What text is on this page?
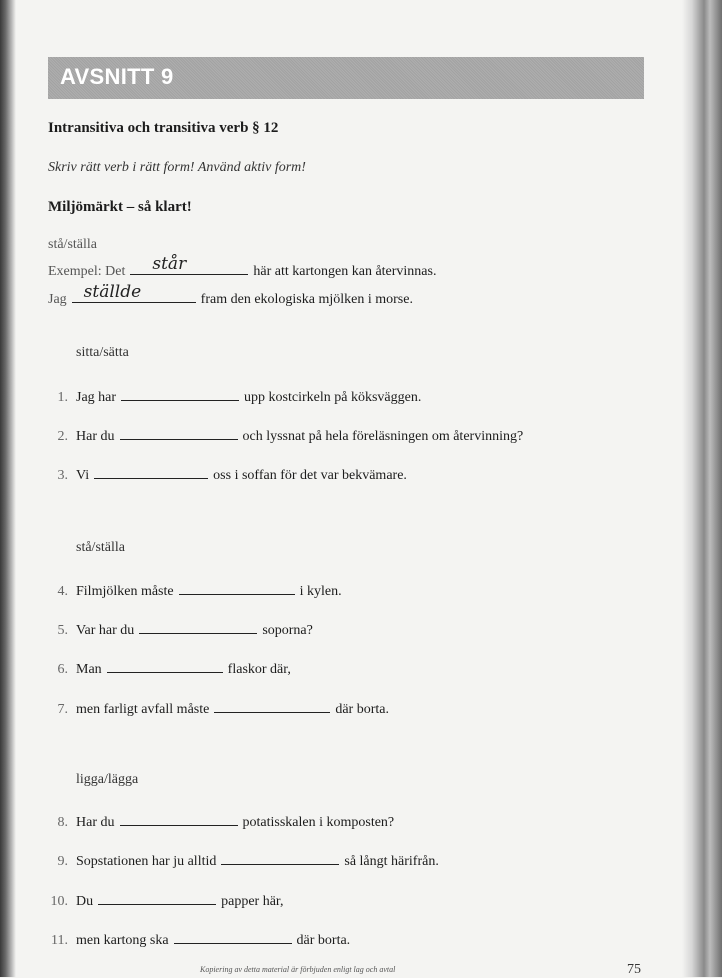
AVSNITT 9
Intransitiva och transitiva verb § 12
Skriv rätt verb i rätt form! Använd aktiv form!
Miljömärkt – så klart!
stå/ställa
Exempel: Det står	här att kartongen kan återvinnas.
Jag ställde	fram den ekologiska mjölken i morse.
sitta/sätta
1. Jag har	upp kostcirkeln på köksväggen.
2. Har du	och lyssnat på hela föreläsningen om återvinning?
3. Vi	oss i soffan för det var bekvämare.
stå/ställa
4. Filmjölken måste	i kylen.
5. Var har du	soporna?
6. Man	flaskor där,
7. men farligt avfall måste	där borta.
ligga/lägga
8. Har du	potatisskalen i komposten?
9. Sopstationen har ju alltid	så långt härifrån.
10. Du	papper här,
11. men kartong ska	där borta.
Kopiering av detta material är förbjuden enligt lag och avtal	75
